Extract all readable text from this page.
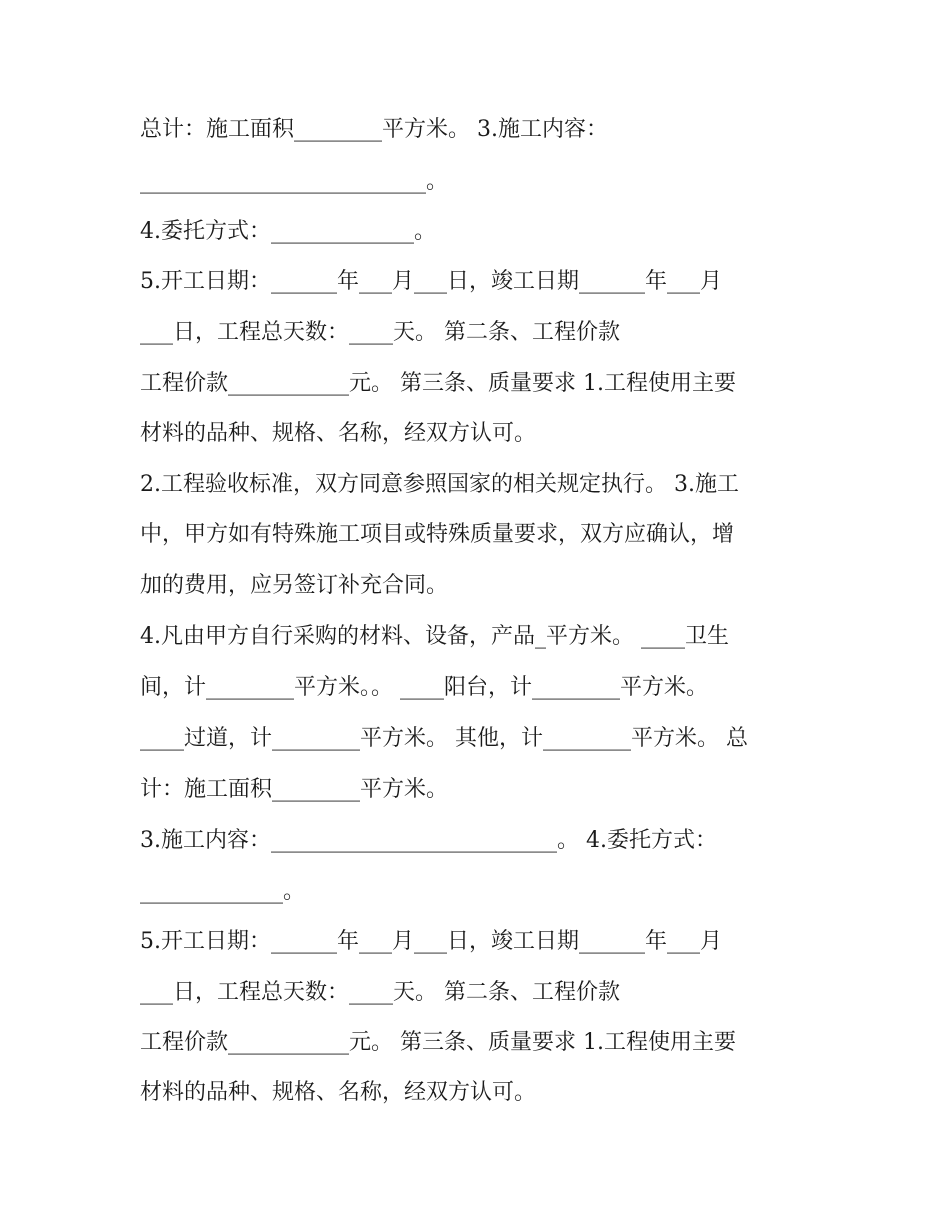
总计：施工面积________平方米。 3.施工内容：
__________________________。
4.委托方式：_____________。
5.开工日期：______年___月___日，竣工日期______年___月
___日，工程总天数：____天。 第二条、工程价款
工程价款___________元。 第三条、质量要求 1.工程使用主要
材料的品种、规格、名称，经双方认可。
2.工程验收标准，双方同意参照国家的相关规定执行。 3.施工
中，甲方如有特殊施工项目或特殊质量要求，双方应确认，增
加的费用，应另签订补充合同。
4.凡由甲方自行采购的材料、设备，产品_平方米。 ____卫生
间，计________平方米。。 ____阳台，计________平方米。
____过道，计________平方米。 其他，计________平方米。 总
计：施工面积________平方米。
3.施工内容：__________________________。 4.委托方式：
_____________。
5.开工日期：______年___月___日，竣工日期______年___月
___日，工程总天数：____天。 第二条、工程价款
工程价款___________元。 第三条、质量要求 1.工程使用主要
材料的品种、规格、名称，经双方认可。
